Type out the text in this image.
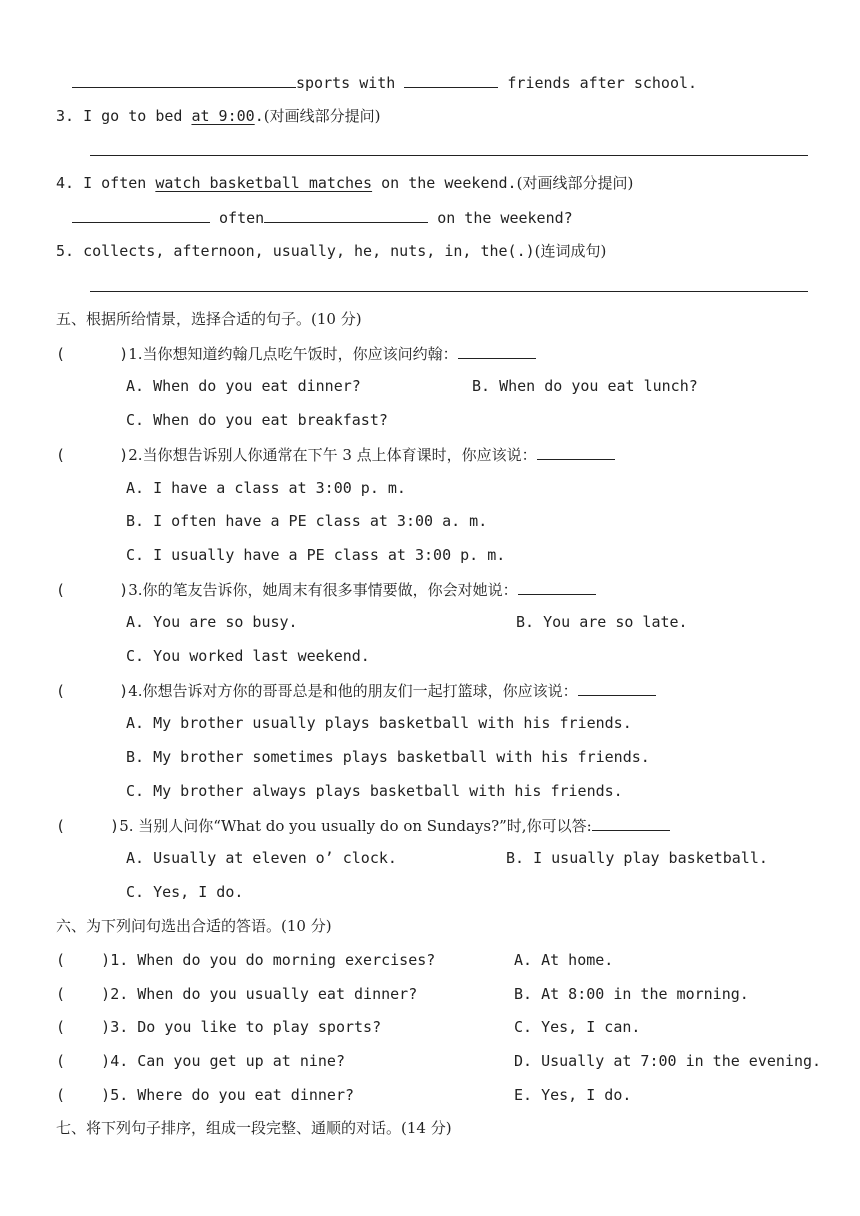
sports with	friends after school.
3. I go to bed at 9:00.(对画线部分提问)
4. I often watch basketball matches on the weekend.(对画线部分提问)
often	on the weekend?
5. collects, afternoon, usually, he, nuts, in, the(.)(连词成句)
五、根据所给情景，选择合适的句子。(10 分)
(      )1.当你想知道约翰几点吃午饭时，你应该问约翰：
A. When do you eat dinner?	B. When do you eat lunch?
C. When do you eat breakfast?
(      )2.当你想告诉别人你通常在下午 3 点上体育课时，你应该说：
A. I have a class at 3:00 p. m.
B. I often have a PE class at 3:00 a. m.
C. I usually have a PE class at 3:00 p. m.
(      )3.你的笔友告诉你，她周末有很多事情要做，你会对她说：
A. You are so busy.	B. You are so late.
C. You worked last weekend.
(      )4.你想告诉对方你的哥哥总是和他的朋友们一起打篮球，你应该说：
A. My brother usually plays basketball with his friends.
B. My brother sometimes plays basketball with his friends.
C. My brother always plays basketball with his friends.
(     )5. 当别人问你“What do you usually do on Sundays?”时,你可以答:
A. Usually at eleven o’ clock.	B. I usually play basketball.
C. Yes, I do.
六、为下列问句选出合适的答语。(10 分)
(    )1. When do you do morning exercises?	A. At home.
(    )2. When do you usually eat dinner?	B. At 8:00 in the morning.
(    )3. Do you like to play sports?	C. Yes, I can.
(    )4. Can you get up at nine?	D. Usually at 7:00 in the evening.
(    )5. Where do you eat dinner?	E. Yes, I do.
七、将下列句子排序，组成一段完整、通顺的对话。(14 分)
